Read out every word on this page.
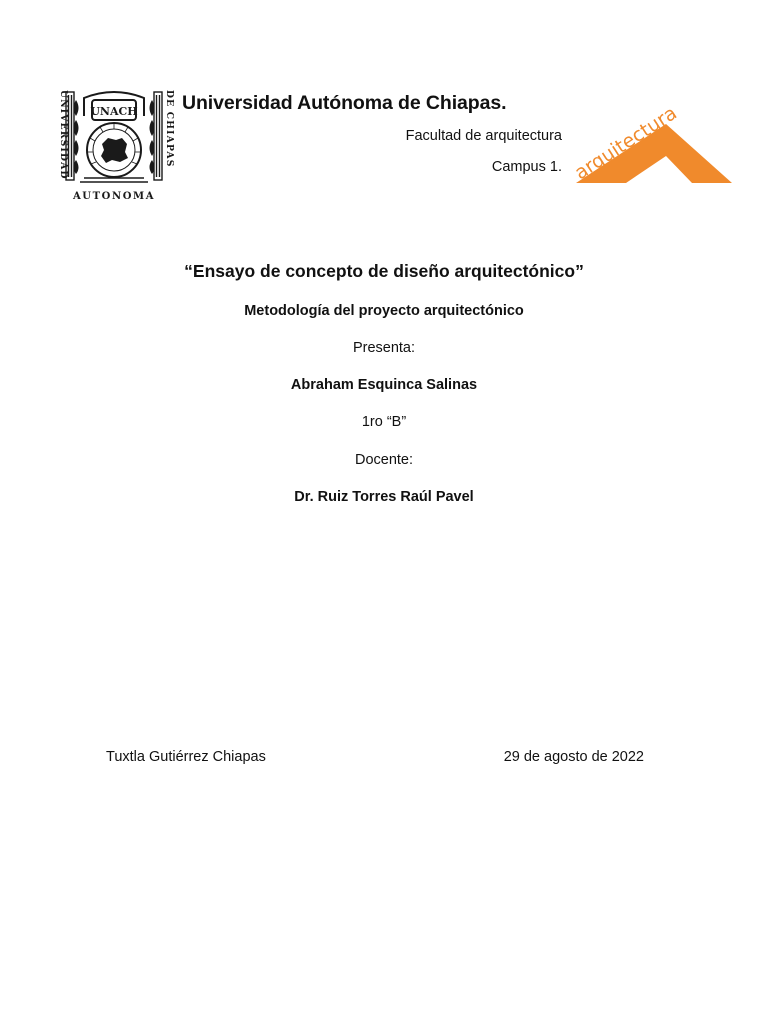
UNIVERSIDAD	DE CHIAPAS
UNACH
AUTONOMA
Universidad Autónoma de Chiapas.
Facultad de arquitectura
Campus 1. arquitectura
“Ensayo de concepto de diseño arquitectónico”
Metodología del proyecto arquitectónico
Presenta:
Abraham Esquinca Salinas
1ro “B”
Docente:
Dr. Ruiz Torres Raúl Pavel
Tuxtla Gutiérrez Chiapas	29 de agosto de 2022
